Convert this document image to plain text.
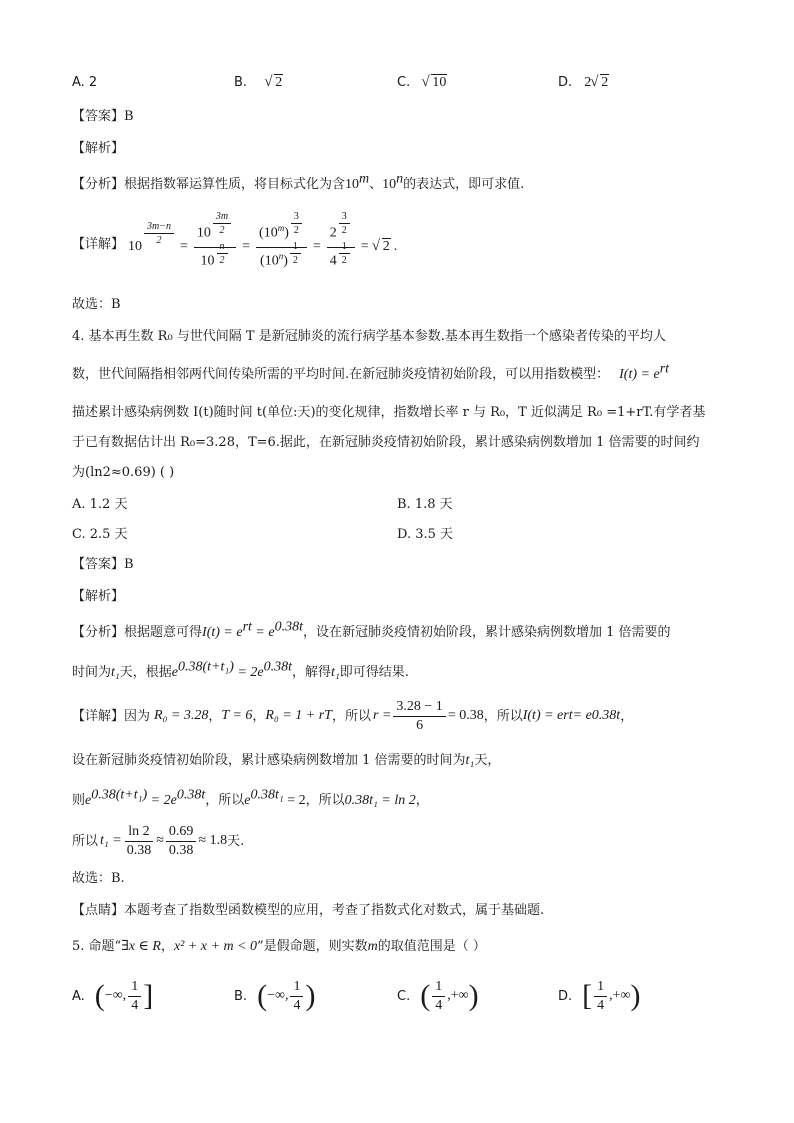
A. 2	B. √ 2	C. √ 10	D. 2 √ 2
【答案】B
【解析】
【分析】根据指数幂运算性质，将目标式化为含10$^m$、10$^n$的表达式，即可求值.
【详解】 10
$\frac{3m-n}{2}$
= $\frac{10 \frac{3m}{2}}{10 \frac{n}{2}} = \frac{(10^m) \frac{3}{2}}{(10^n) \frac{1}{2}} = \frac{2 \frac{3}{2}}{4 \frac{1}{2}}$ =	√ 2 .
故选：B
4. 基本再生数 R₀ 与世代间隔 T 是新冠肺炎的流行病学基本参数.基本再生数指一个感染者传染的平均人
数，世代间隔指相邻两代间传染所需的平均时间.在新冠肺炎疫情初始阶段，可以用指数模型： $I(t) = e^{rt}$
描述累计感染病例数 I(t)随时间 t(单位:天)的变化规律，指数增长率 r 与 R₀，T 近似满足 R₀ =1+rT.有学者基
于已有数据估计出 R₀=3.28，T=6.据此，在新冠肺炎疫情初始阶段，累计感染病例数增加 1 倍需要的时间约
为(ln2≈0.69) ( )
A. 1.2 天	B. 1.8 天
C. 2.5 天	D. 3.5 天
【答案】B
【解析】
【分析】根据题意可得$I(t) = e^{rt} = e^{0.38t}$，设在新冠肺炎疫情初始阶段，累计感染病例数增加 1 倍需要的
时间为t₁天，根据$e^{0.38(t+t_1)} = 2e^{0.38t}$，解得t₁即可得结果.
【详解】 因为 R₀ = 3.28 ， T = 6 ， R₀ = 1 + rT ，所以 $r = \frac{3.28 - 1}{6} = 0.38$ ，所以 I(t) = e rt = e 0.38t ，
设在新冠肺炎疫情初始阶段，累计感染病例数增加 1 倍需要的时间为t₁天，
则$e^{0.38(t+t_1)} = 2e^{0.38t}$，所以$e^{0.38t_1} = 2$，所以0.38t₁ = ln 2，
所以 $t_1 = \frac{\ln 2}{0.38} \approx \frac{0.69}{0.38} \approx 1.8$ 天.
故选：B.
【点睛】本题考查了指数型函数模型的应用，考查了指数式化对数式，属于基础题.
5. 命题“∃x ∈ R，x² + x + m < 0”是假命题，则实数m的取值范围是（ ）
A. ( −∞, $\frac{1}{4}$ ]	B. ( −∞, $\frac{1}{4}$ )	C. ( $\frac{1}{4}$ ,+∞ )	D. [ $\frac{1}{4}$ ,+∞ )
